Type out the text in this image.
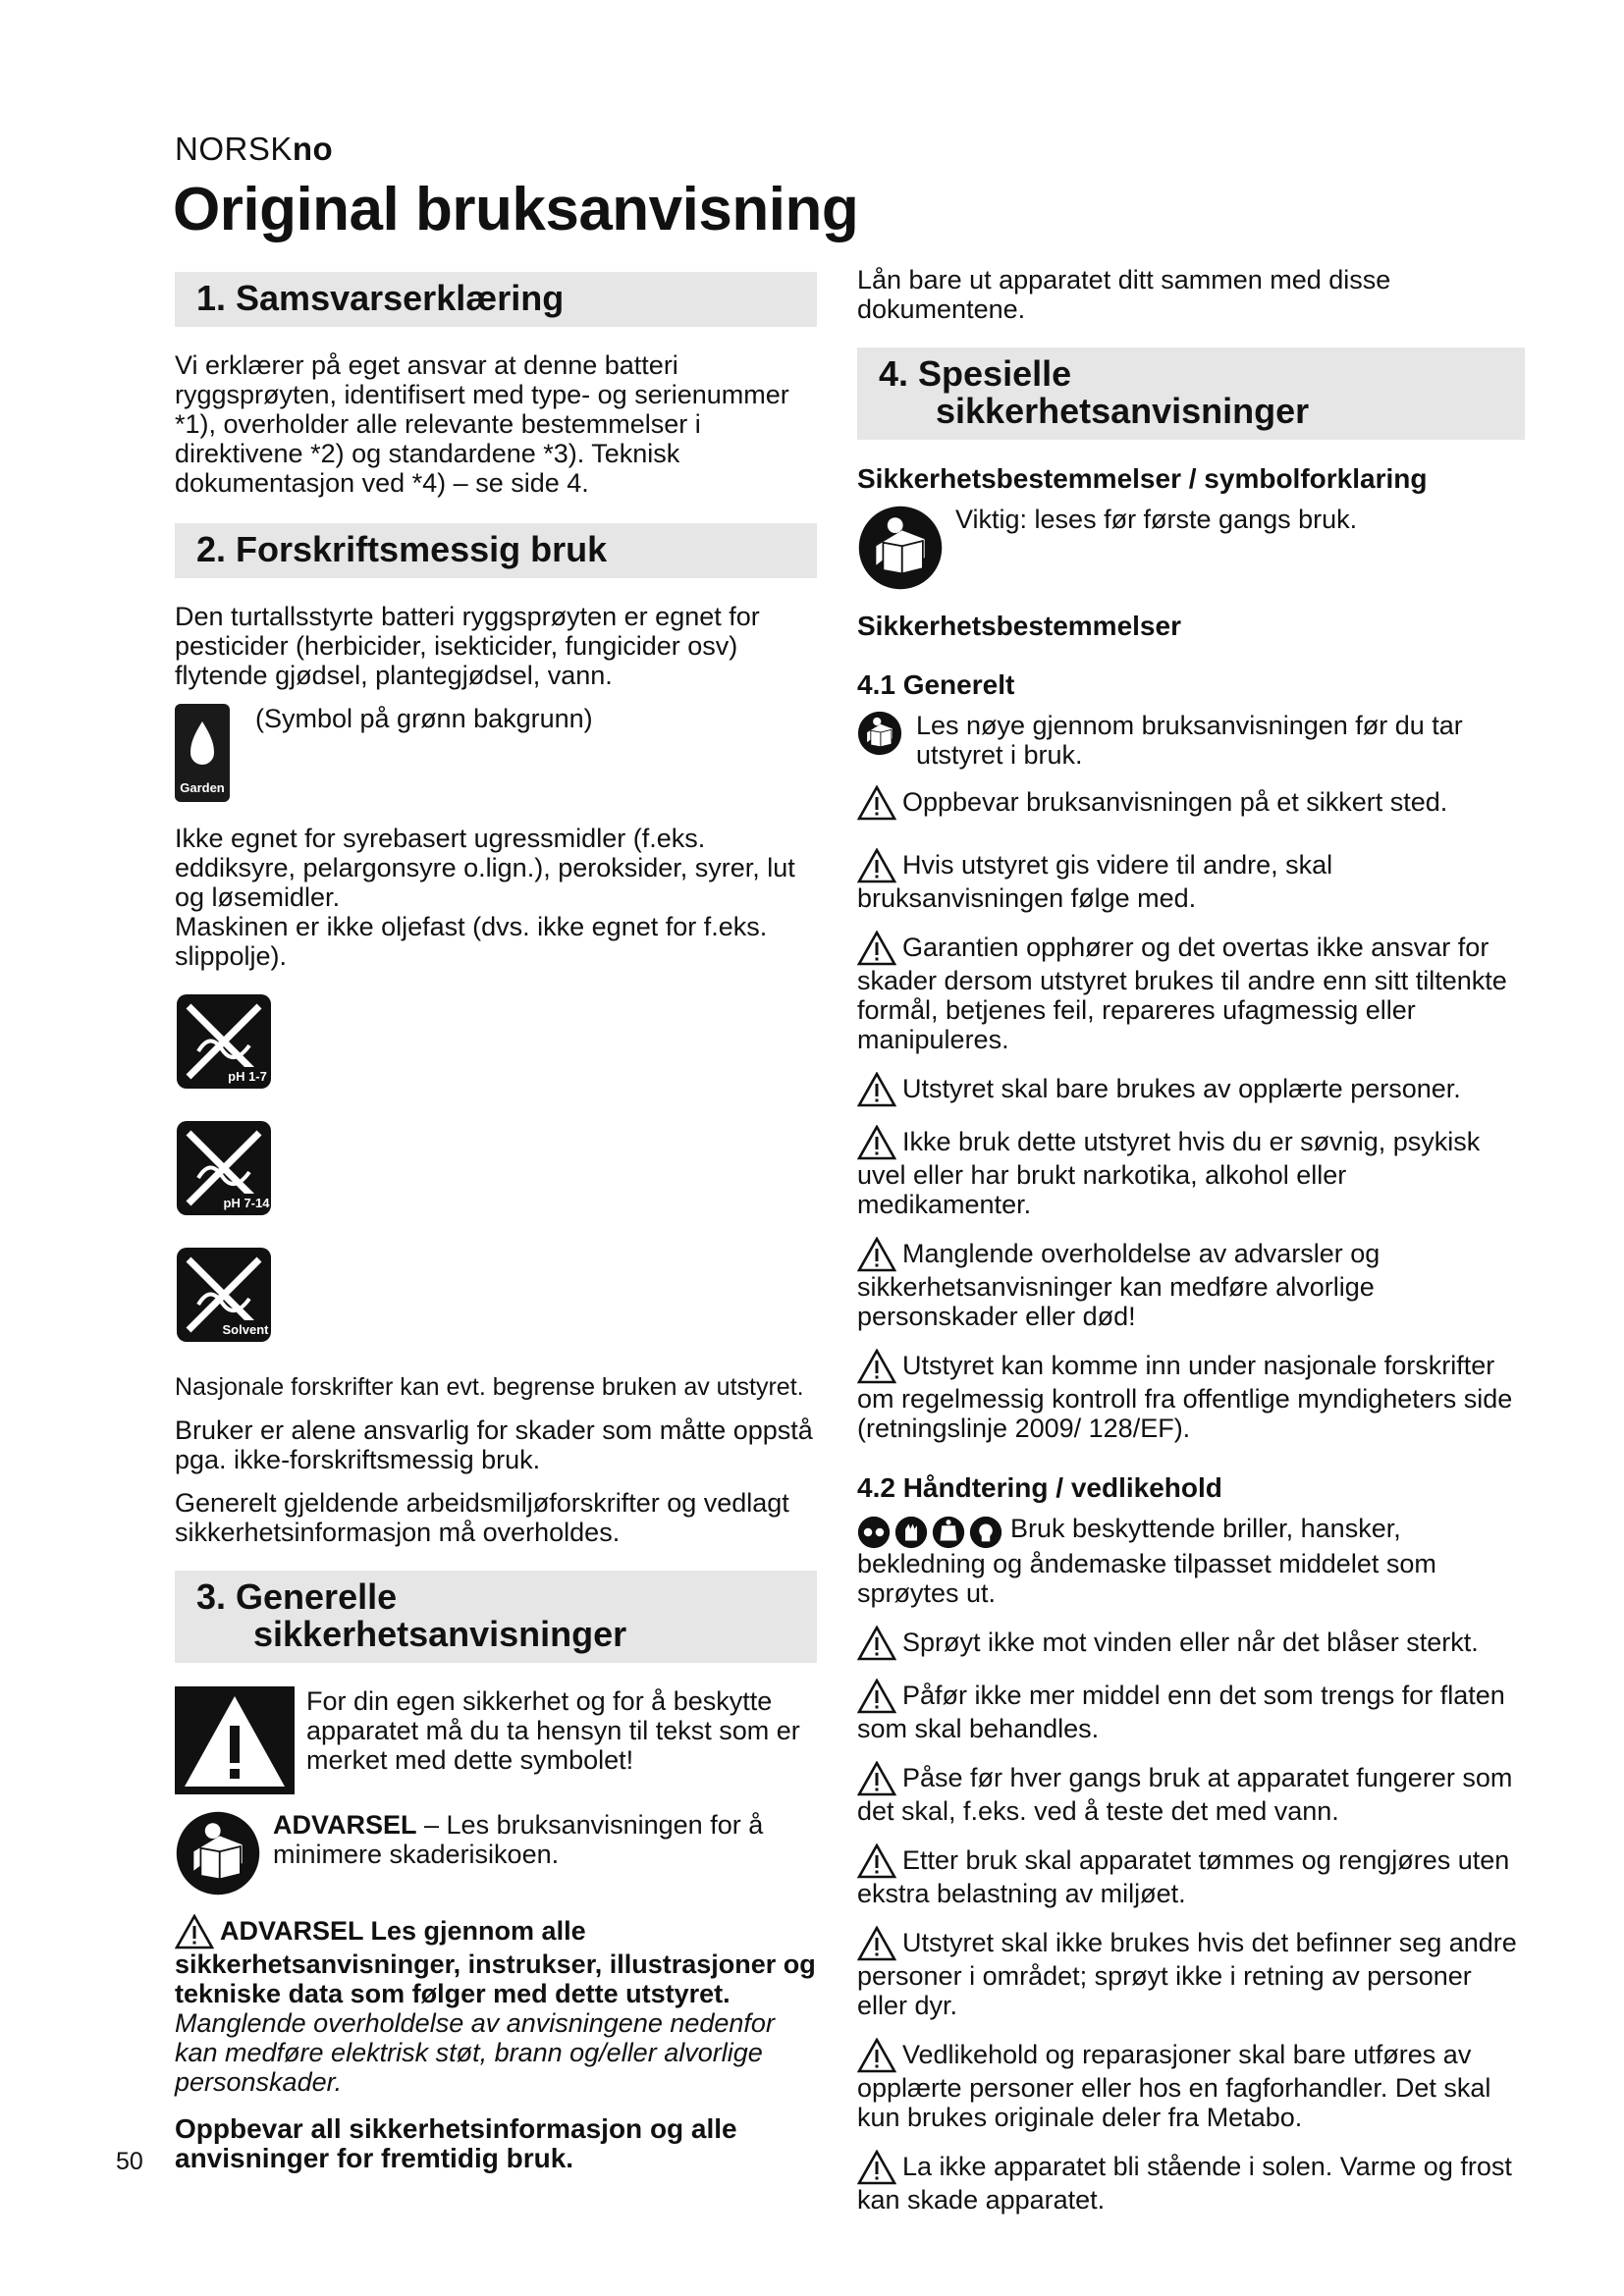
NORSKno
Original bruksanvisning
1. Samsvarserklæring

Vi erklærer på eget ansvar at denne batteri ryggsprøyten, identifisert med type- og serienummer *1), overholder alle relevante bestemmelser i direktivene *2) og standardene *3). Teknisk dokumentasjon ved *4) – se side 4.

2. Forskriftsmessig bruk

Den turtallsstyrte batteri ryggsprøyten er egnet for pesticider (herbicider, isekticider, fungicider osv) flytende gjødsel, plantegjødsel, vann.

Garden
(Symbol på grønn bakgrunn)

Ikke egnet for syrebasert ugressmidler (f.eks. eddiksyre, pelargonsyre o.lign.), peroksider, syrer, lut og løsemidler.

Maskinen er ikke oljefast (dvs. ikke egnet for f.eks. slippolje).

pH 1-7

pH 7-14

Solvent

Nasjonale forskrifter kan evt. begrense bruken av utstyret.

Bruker er alene ansvarlig for skader som måtte oppstå pga. ikke-forskriftsmessig bruk.

Generelt gjeldende arbeidsmiljøforskrifter og vedlagt sikkerhetsinformasjon må overholdes.

3. Generelle
sikkerhetsanvisninger
For din egen sikkerhet og for å beskytte apparatet må du ta hensyn til tekst som er merket med dette symbolet!
ADVARSEL – Les bruksanvisningen for å minimere skaderisikoen.
ADVARSEL Les gjennom alle sikkerhetsanvisninger, instrukser, illustrasjoner og tekniske data som følger med dette utstyret. Manglende overholdelse av anvisningene nedenfor kan medføre elektrisk støt, brann og/eller alvorlige personskader.

Oppbevar all sikkerhetsinformasjon og alle anvisninger for fremtidig bruk.

Lån bare ut apparatet ditt sammen med disse dokumentene.

4. Spesielle
sikkerhetsanvisninger
Sikkerhetsbestemmelser / symbolforklaring
Viktig: leses før første gangs bruk.
Sikkerhetsbestemmelser
4.1 Generelt
Les nøye gjennom bruksanvisningen før du tar utstyret i bruk.
Oppbevar bruksanvisningen på et sikkert sted.
Hvis utstyret gis videre til andre, skal bruksanvisningen følge med.
Garantien opphører og det overtas ikke ansvar for skader dersom utstyret brukes til andre enn sitt tiltenkte formål, betjenes feil, repareres ufagmessig eller manipuleres.
Utstyret skal bare brukes av opplærte personer.
Ikke bruk dette utstyret hvis du er søvnig, psykisk uvel eller har brukt narkotika, alkohol eller medikamenter.
Manglende overholdelse av advarsler og sikkerhetsanvisninger kan medføre alvorlige personskader eller død!
Utstyret kan komme inn under nasjonale forskrifter om regelmessig kontroll fra offentlige myndigheters side (retningslinje 2009/ 128/EF).
4.2 Håndtering / vedlikehold
Bruk beskyttende briller, hansker, bekledning og åndemaske tilpasset middelet som sprøytes ut.
Sprøyt ikke mot vinden eller når det blåser sterkt.
Påfør ikke mer middel enn det som trengs for flaten som skal behandles.
Påse før hver gangs bruk at apparatet fungerer som det skal, f.eks. ved å teste det med vann.
Etter bruk skal apparatet tømmes og rengjøres uten ekstra belastning av miljøet.
Utstyret skal ikke brukes hvis det befinner seg andre personer i området; sprøyt ikke i retning av personer eller dyr.
Vedlikehold og reparasjoner skal bare utføres av opplærte personer eller hos en fagforhandler. Det skal kun brukes originale deler fra Metabo.
La ikke apparatet bli stående i solen. Varme og frost kan skade apparatet.
50
